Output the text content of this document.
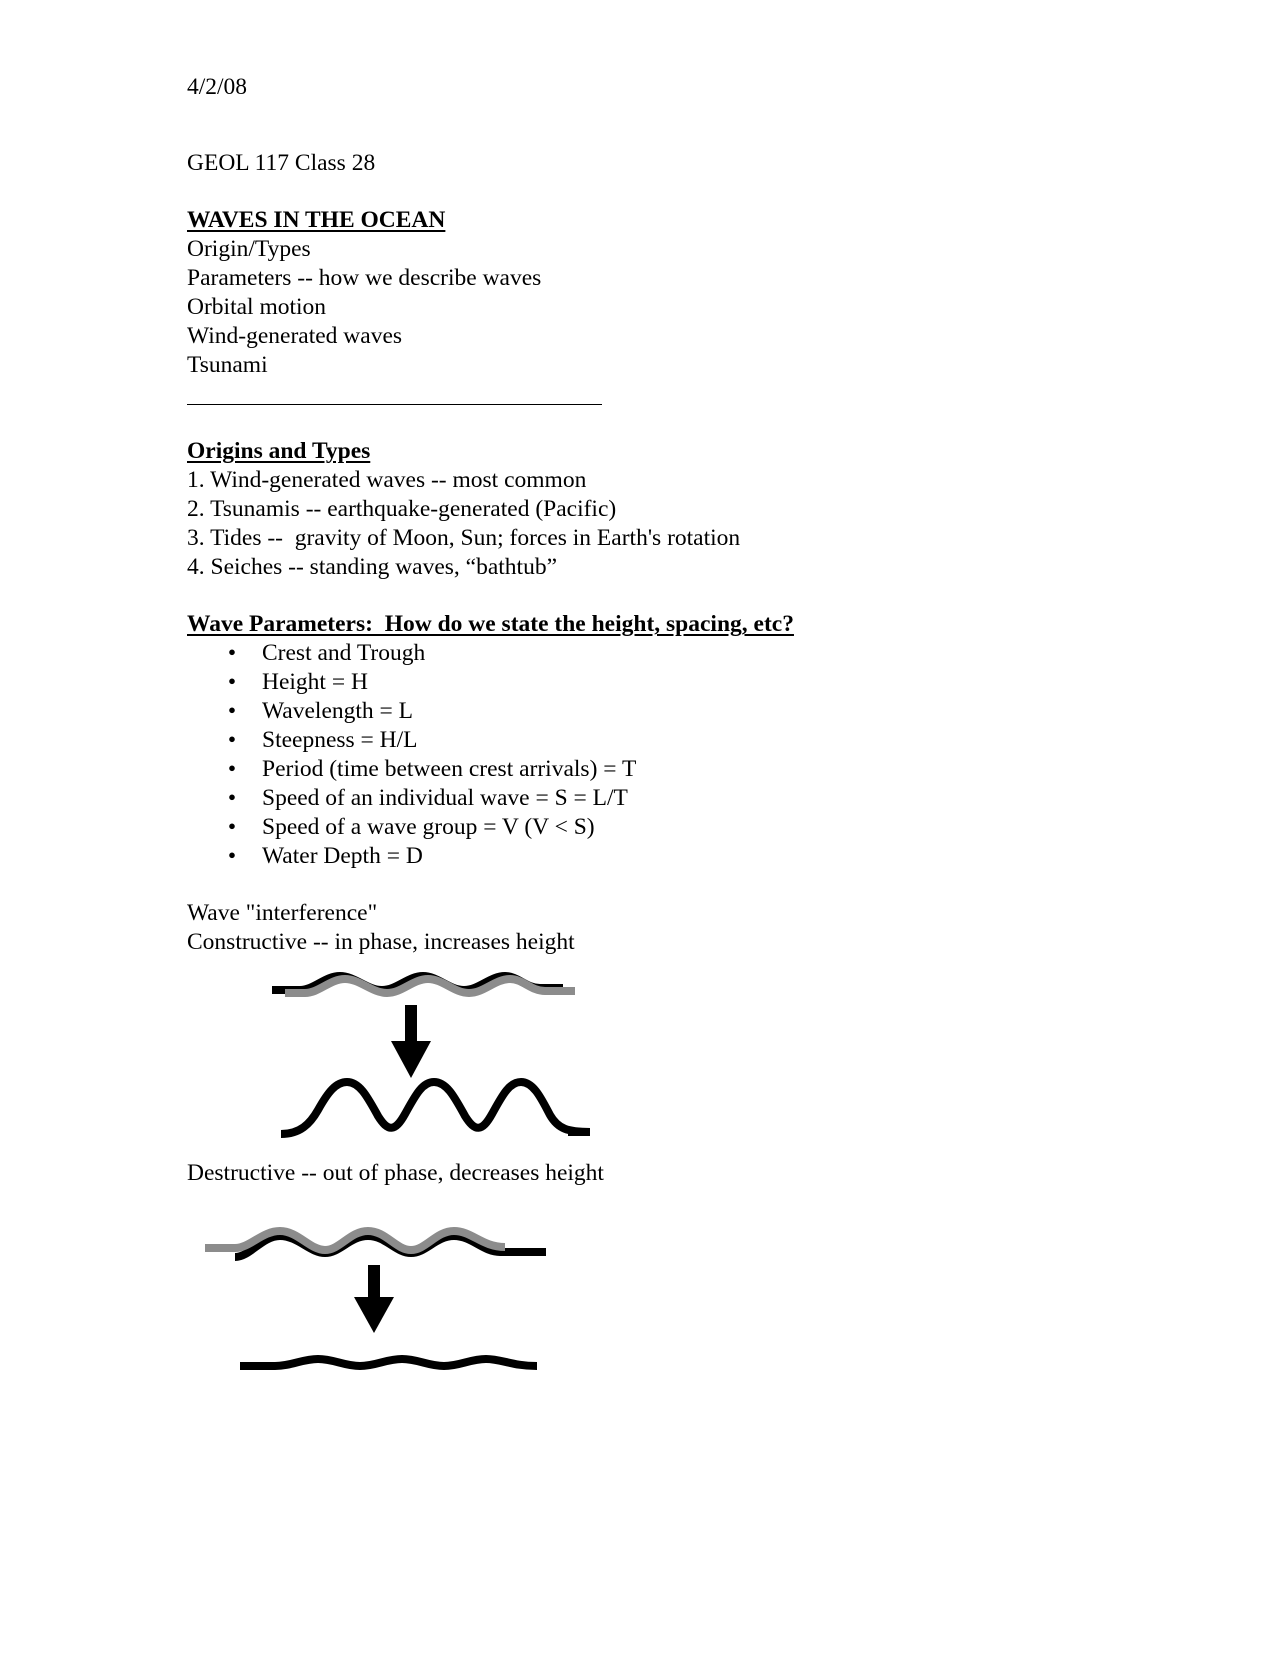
4/2/08
GEOL 117 Class 28
WAVES IN THE OCEAN
Origin/Types
Parameters -- how we describe waves
Orbital motion
Wind-generated waves
Tsunami
Origins and Types
1. Wind-generated waves -- most common
2. Tsunamis -- earthquake-generated (Pacific)
3. Tides --  gravity of Moon, Sun; forces in Earth's rotation
4. Seiches -- standing waves, “bathtub”
Wave Parameters:  How do we state the height, spacing, etc?
• Crest and Trough
• Height = H
• Wavelength = L
• Steepness = H/L
• Period (time between crest arrivals) = T
• Speed of an individual wave = S = L/T
• Speed of a wave group = V (V < S)
• Water Depth = D
Wave "interference"
Constructive -- in phase, increases height
Destructive -- out of phase, decreases height
